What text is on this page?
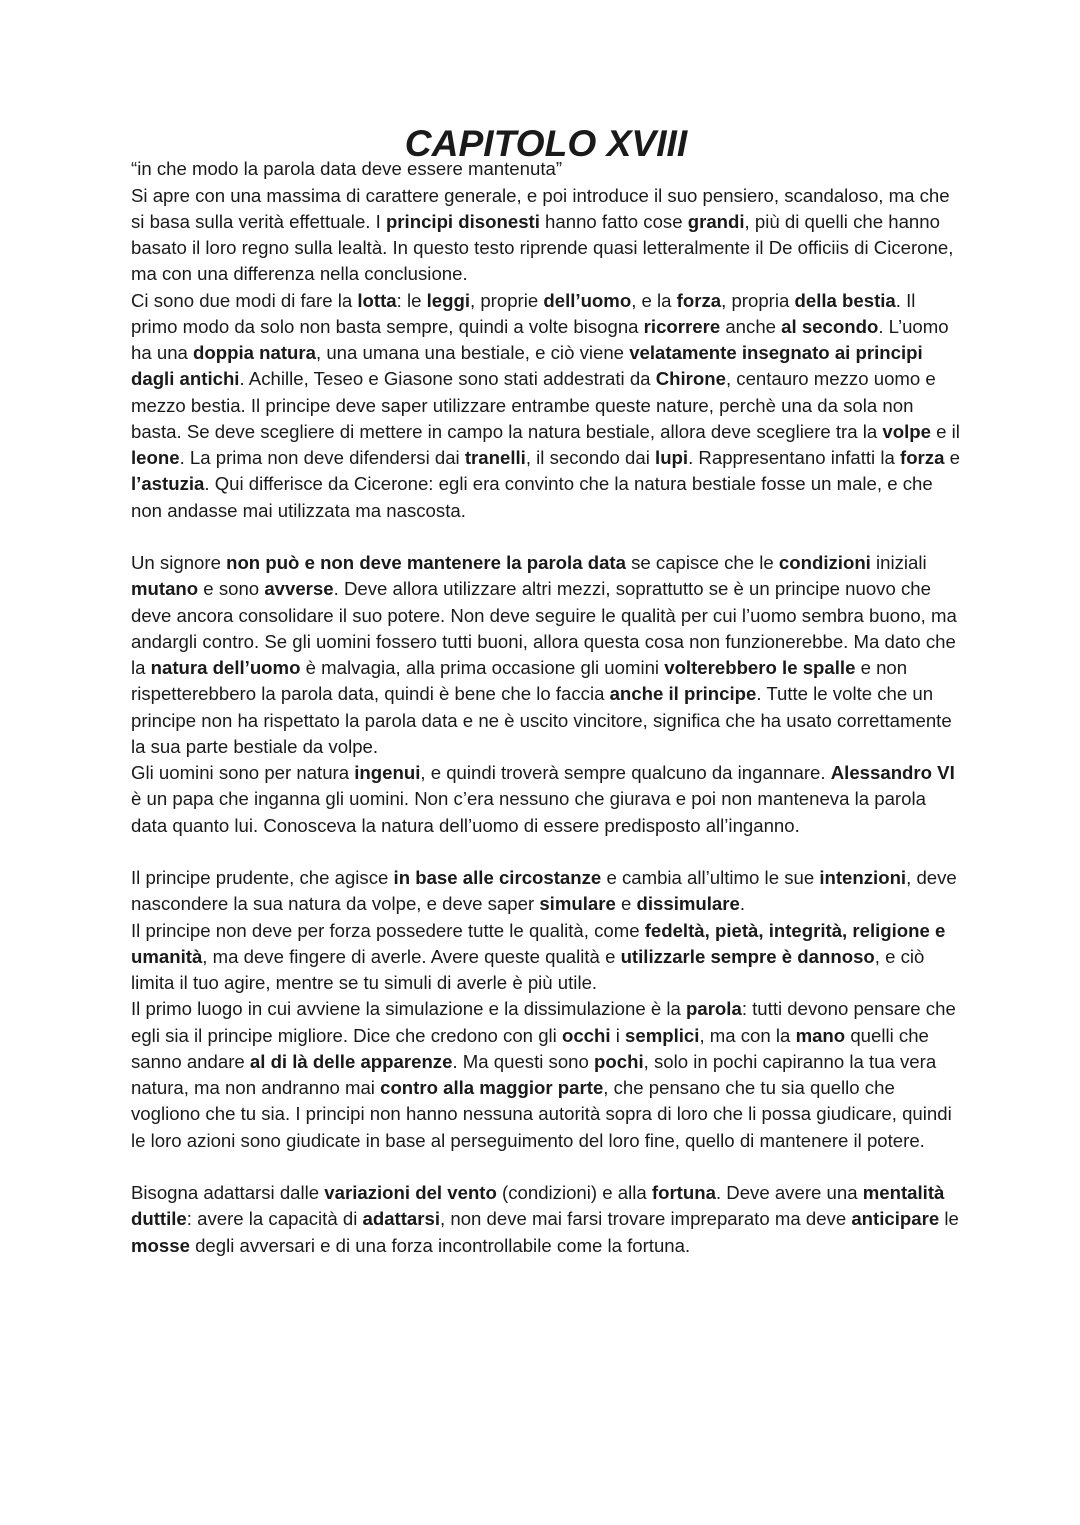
CAPITOLO XVIII

“in che modo la parola data deve essere mantenuta”

Si apre con una massima di carattere generale, e poi introduce il suo pensiero, scandaloso, ma che si basa sulla verità effettuale. I principi disonesti hanno fatto cose grandi, più di quelli che hanno basato il loro regno sulla lealtà. In questo testo riprende quasi letteralmente il De officiis di Cicerone, ma con una differenza nella conclusione.

Ci sono due modi di fare la lotta: le leggi, proprie dell’uomo, e la forza, propria della bestia. Il primo modo da solo non basta sempre, quindi a volte bisogna ricorrere anche al secondo. L’uomo ha una doppia natura, una umana una bestiale, e ciò viene velatamente insegnato ai principi dagli antichi. Achille, Teseo e Giasone sono stati addestrati da Chirone, centauro mezzo uomo e mezzo bestia. Il principe deve saper utilizzare entrambe queste nature, perchè una da sola non basta. Se deve scegliere di mettere in campo la natura bestiale, allora deve scegliere tra la volpe e il leone. La prima non deve difendersi dai tranelli, il secondo dai lupi. Rappresentano infatti la forza e l’astuzia. Qui differisce da Cicerone: egli era convinto che la natura bestiale fosse un male, e che non andasse mai utilizzata ma nascosta.

Un signore non può e non deve mantenere la parola data se capisce che le condizioni iniziali mutano e sono avverse. Deve allora utilizzare altri mezzi, soprattutto se è un principe nuovo che deve ancora consolidare il suo potere. Non deve seguire le qualità per cui l’uomo sembra buono, ma andargli contro. Se gli uomini fossero tutti buoni, allora questa cosa non funzionerebbe. Ma dato che la natura dell’uomo è malvagia, alla prima occasione gli uomini volterebbero le spalle e non rispetterebbero la parola data, quindi è bene che lo faccia anche il principe. Tutte le volte che un principe non ha rispettato la parola data e ne è uscito vincitore, significa che ha usato correttamente la sua parte bestiale da volpe.

Gli uomini sono per natura ingenui, e quindi troverà sempre qualcuno da ingannare. Alessandro VI è un papa che inganna gli uomini. Non c’era nessuno che giurava e poi non manteneva la parola data quanto lui. Conosceva la natura dell’uomo di essere predisposto all’inganno.

Il principe prudente, che agisce in base alle circostanze e cambia all’ultimo le sue intenzioni, deve nascondere la sua natura da volpe, e deve saper simulare e dissimulare.

Il principe non deve per forza possedere tutte le qualità, come fedeltà, pietà, integrità, religione e umanità, ma deve fingere di averle. Avere queste qualità e utilizzarle sempre è dannoso, e ciò limita il tuo agire, mentre se tu simuli di averle è più utile.

Il primo luogo in cui avviene la simulazione e la dissimulazione è la parola: tutti devono pensare che egli sia il principe migliore. Dice che credono con gli occhi i semplici, ma con la mano quelli che sanno andare al di là delle apparenze. Ma questi sono pochi, solo in pochi capiranno la tua vera natura, ma non andranno mai contro alla maggior parte, che pensano che tu sia quello che vogliono che tu sia. I principi non hanno nessuna autorità sopra di loro che li possa giudicare, quindi le loro azioni sono giudicate in base al perseguimento del loro fine, quello di mantenere il potere.

Bisogna adattarsi dalle variazioni del vento (condizioni) e alla fortuna. Deve avere una mentalità duttile: avere la capacità di adattarsi, non deve mai farsi trovare impreparato ma deve anticipare le mosse degli avversari e di una forza incontrollabile come la fortuna.
